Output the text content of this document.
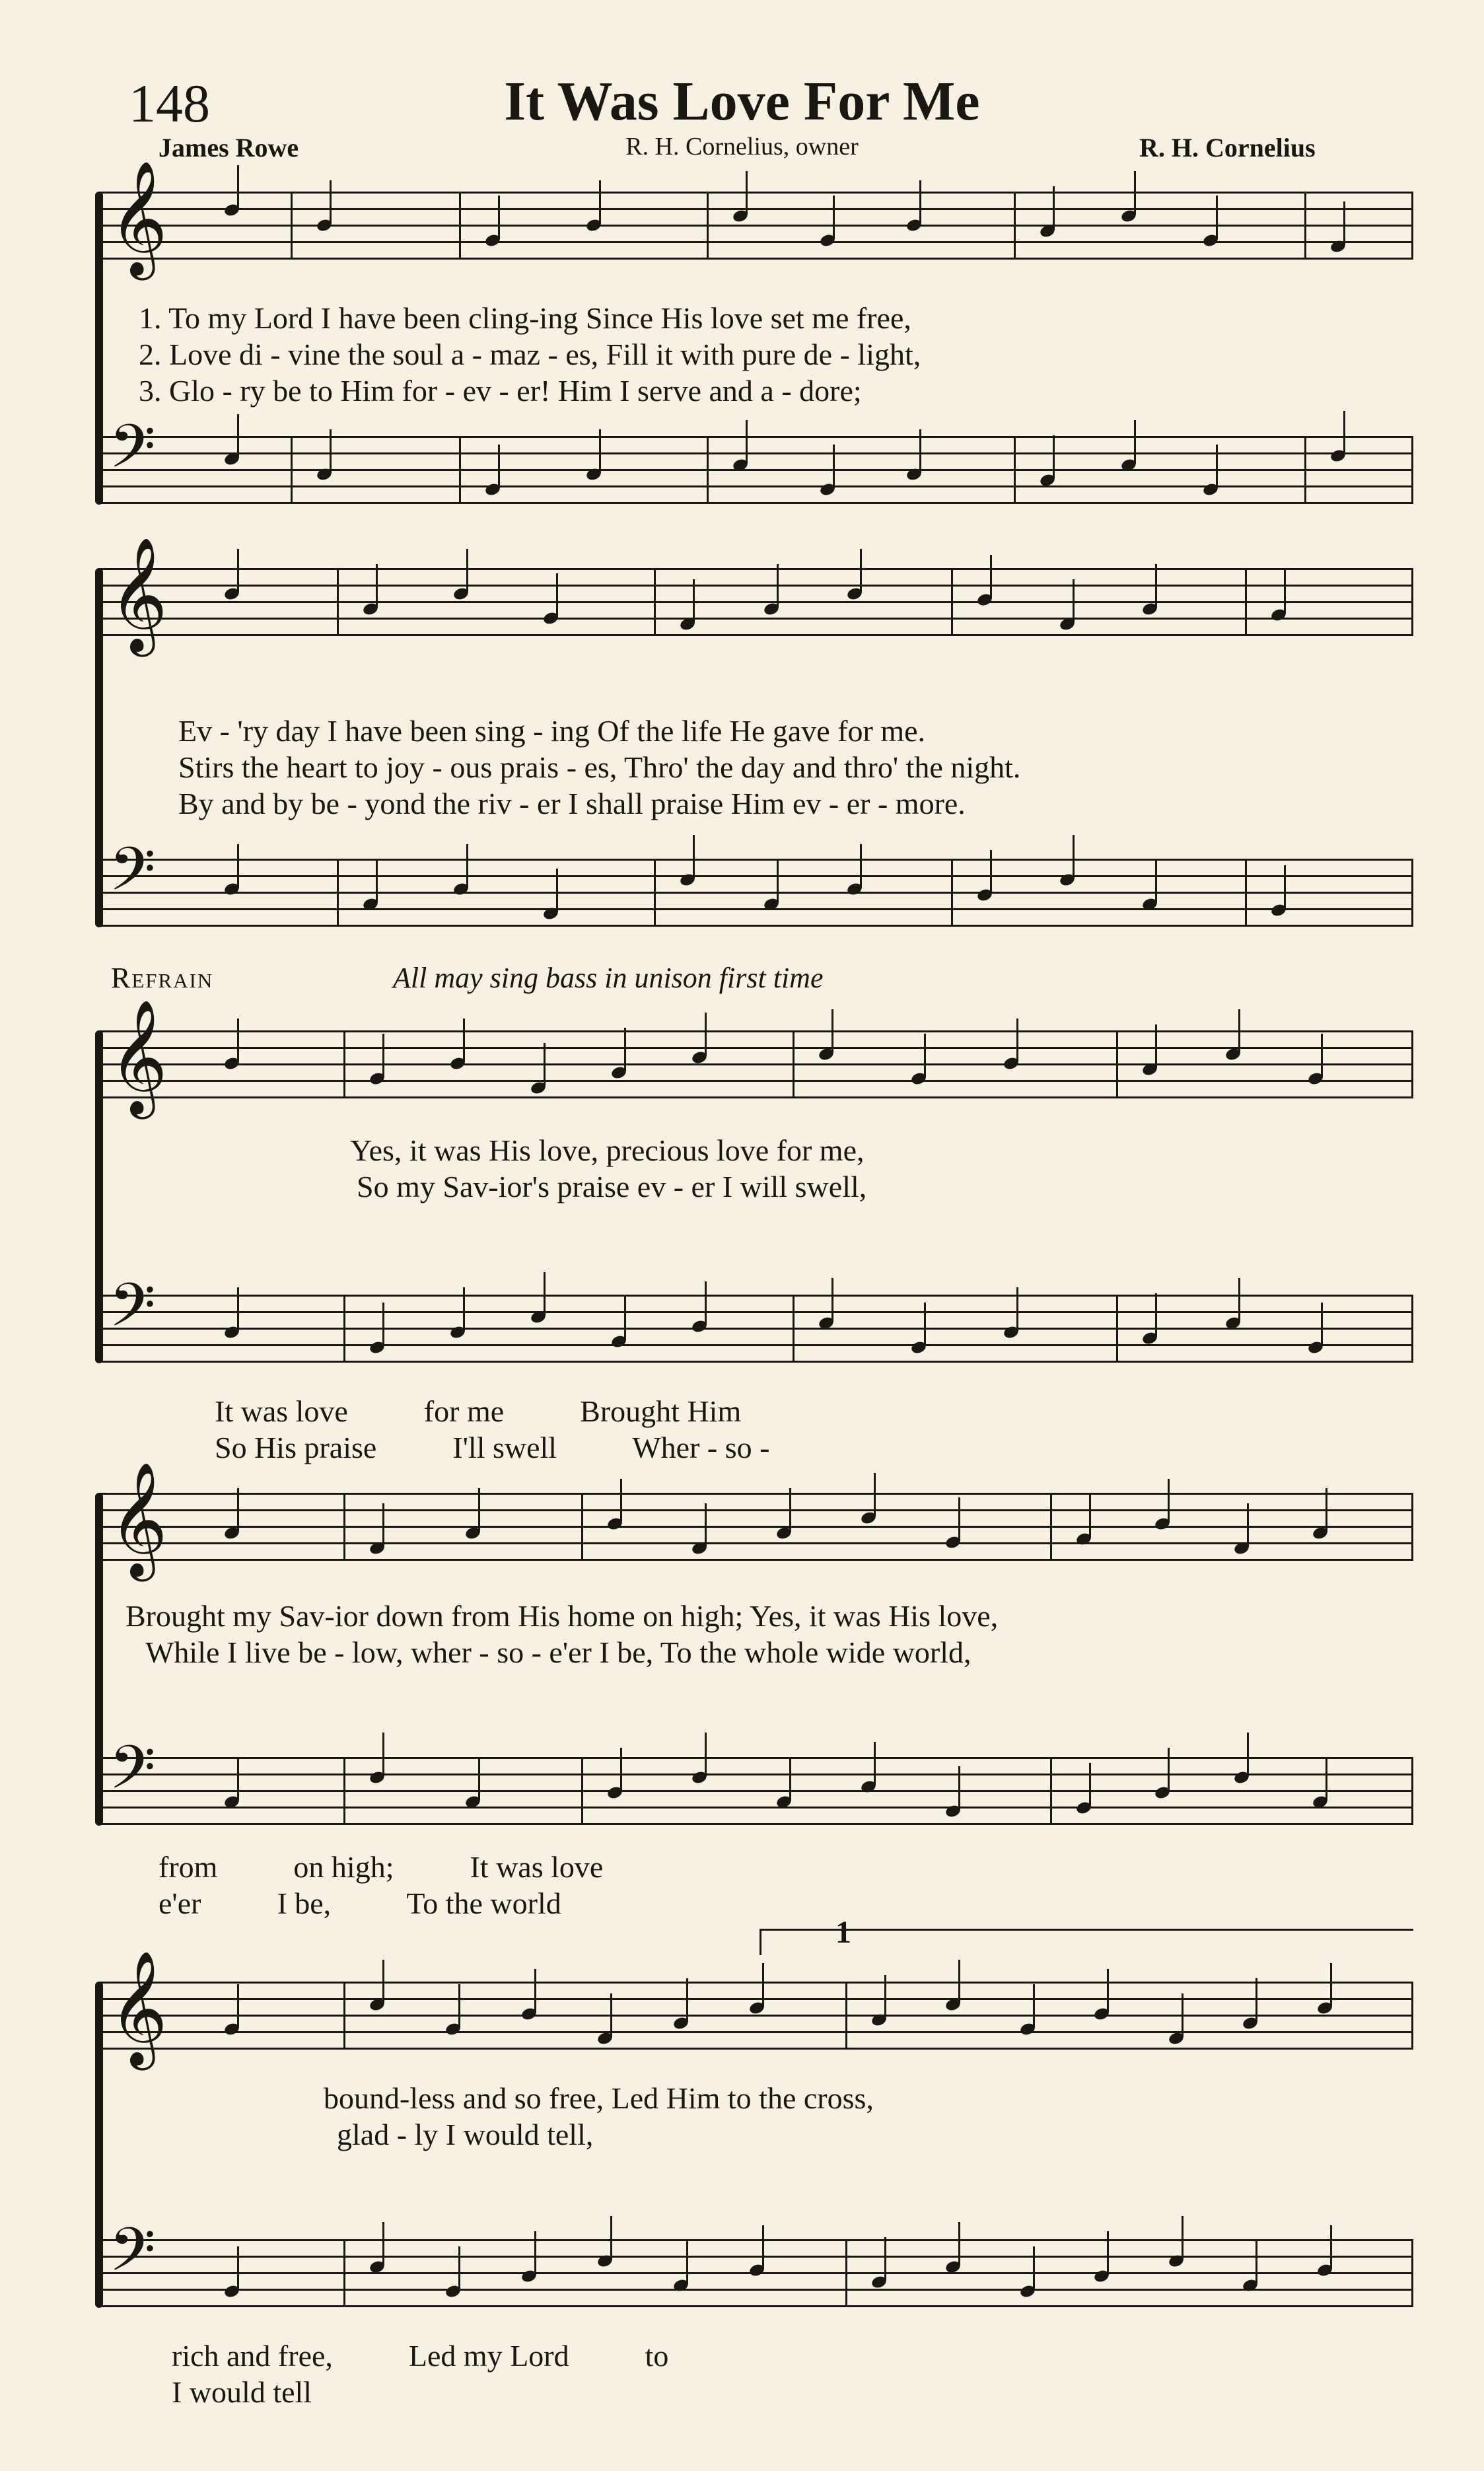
148	It Was Love For Me
James Rowe	R. H. Cornelius, owner	R. H. Cornelius
𝄞
1. To my Lord I have been cling-ing Since His love set me free,
2. Love di - vine the soul a - maz - es, Fill it with pure de - light,
3. Glo - ry be to Him for - ev - er! Him I serve and a - dore;
𝄢
𝄞
Ev - 'ry day I have been sing - ing Of the life He gave for me.
Stirs the heart to joy - ous prais - es, Thro' the day and thro' the night.
By and by be - yond the riv - er I shall praise Him ev - er - more.
𝄢
Refrain	All may sing bass in unison first time
𝄞
Yes, it was His love, precious love for me,
So my Sav-ior's praise ev - er I will swell,
𝄢
It was love          for me          Brought Him
So His praise          I'll swell          Wher - so -
𝄞
Brought my Sav-ior down from His home on high; Yes, it was His love,
While I live be - low, wher - so - e'er I be, To the whole wide world,
𝄢
from          on high;          It was love
e'er          I be,          To the world
1
𝄞
bound-less and so free, Led Him to the cross,
glad - ly I would tell,
𝄢
rich and free,          Led my Lord          to
I would tell
